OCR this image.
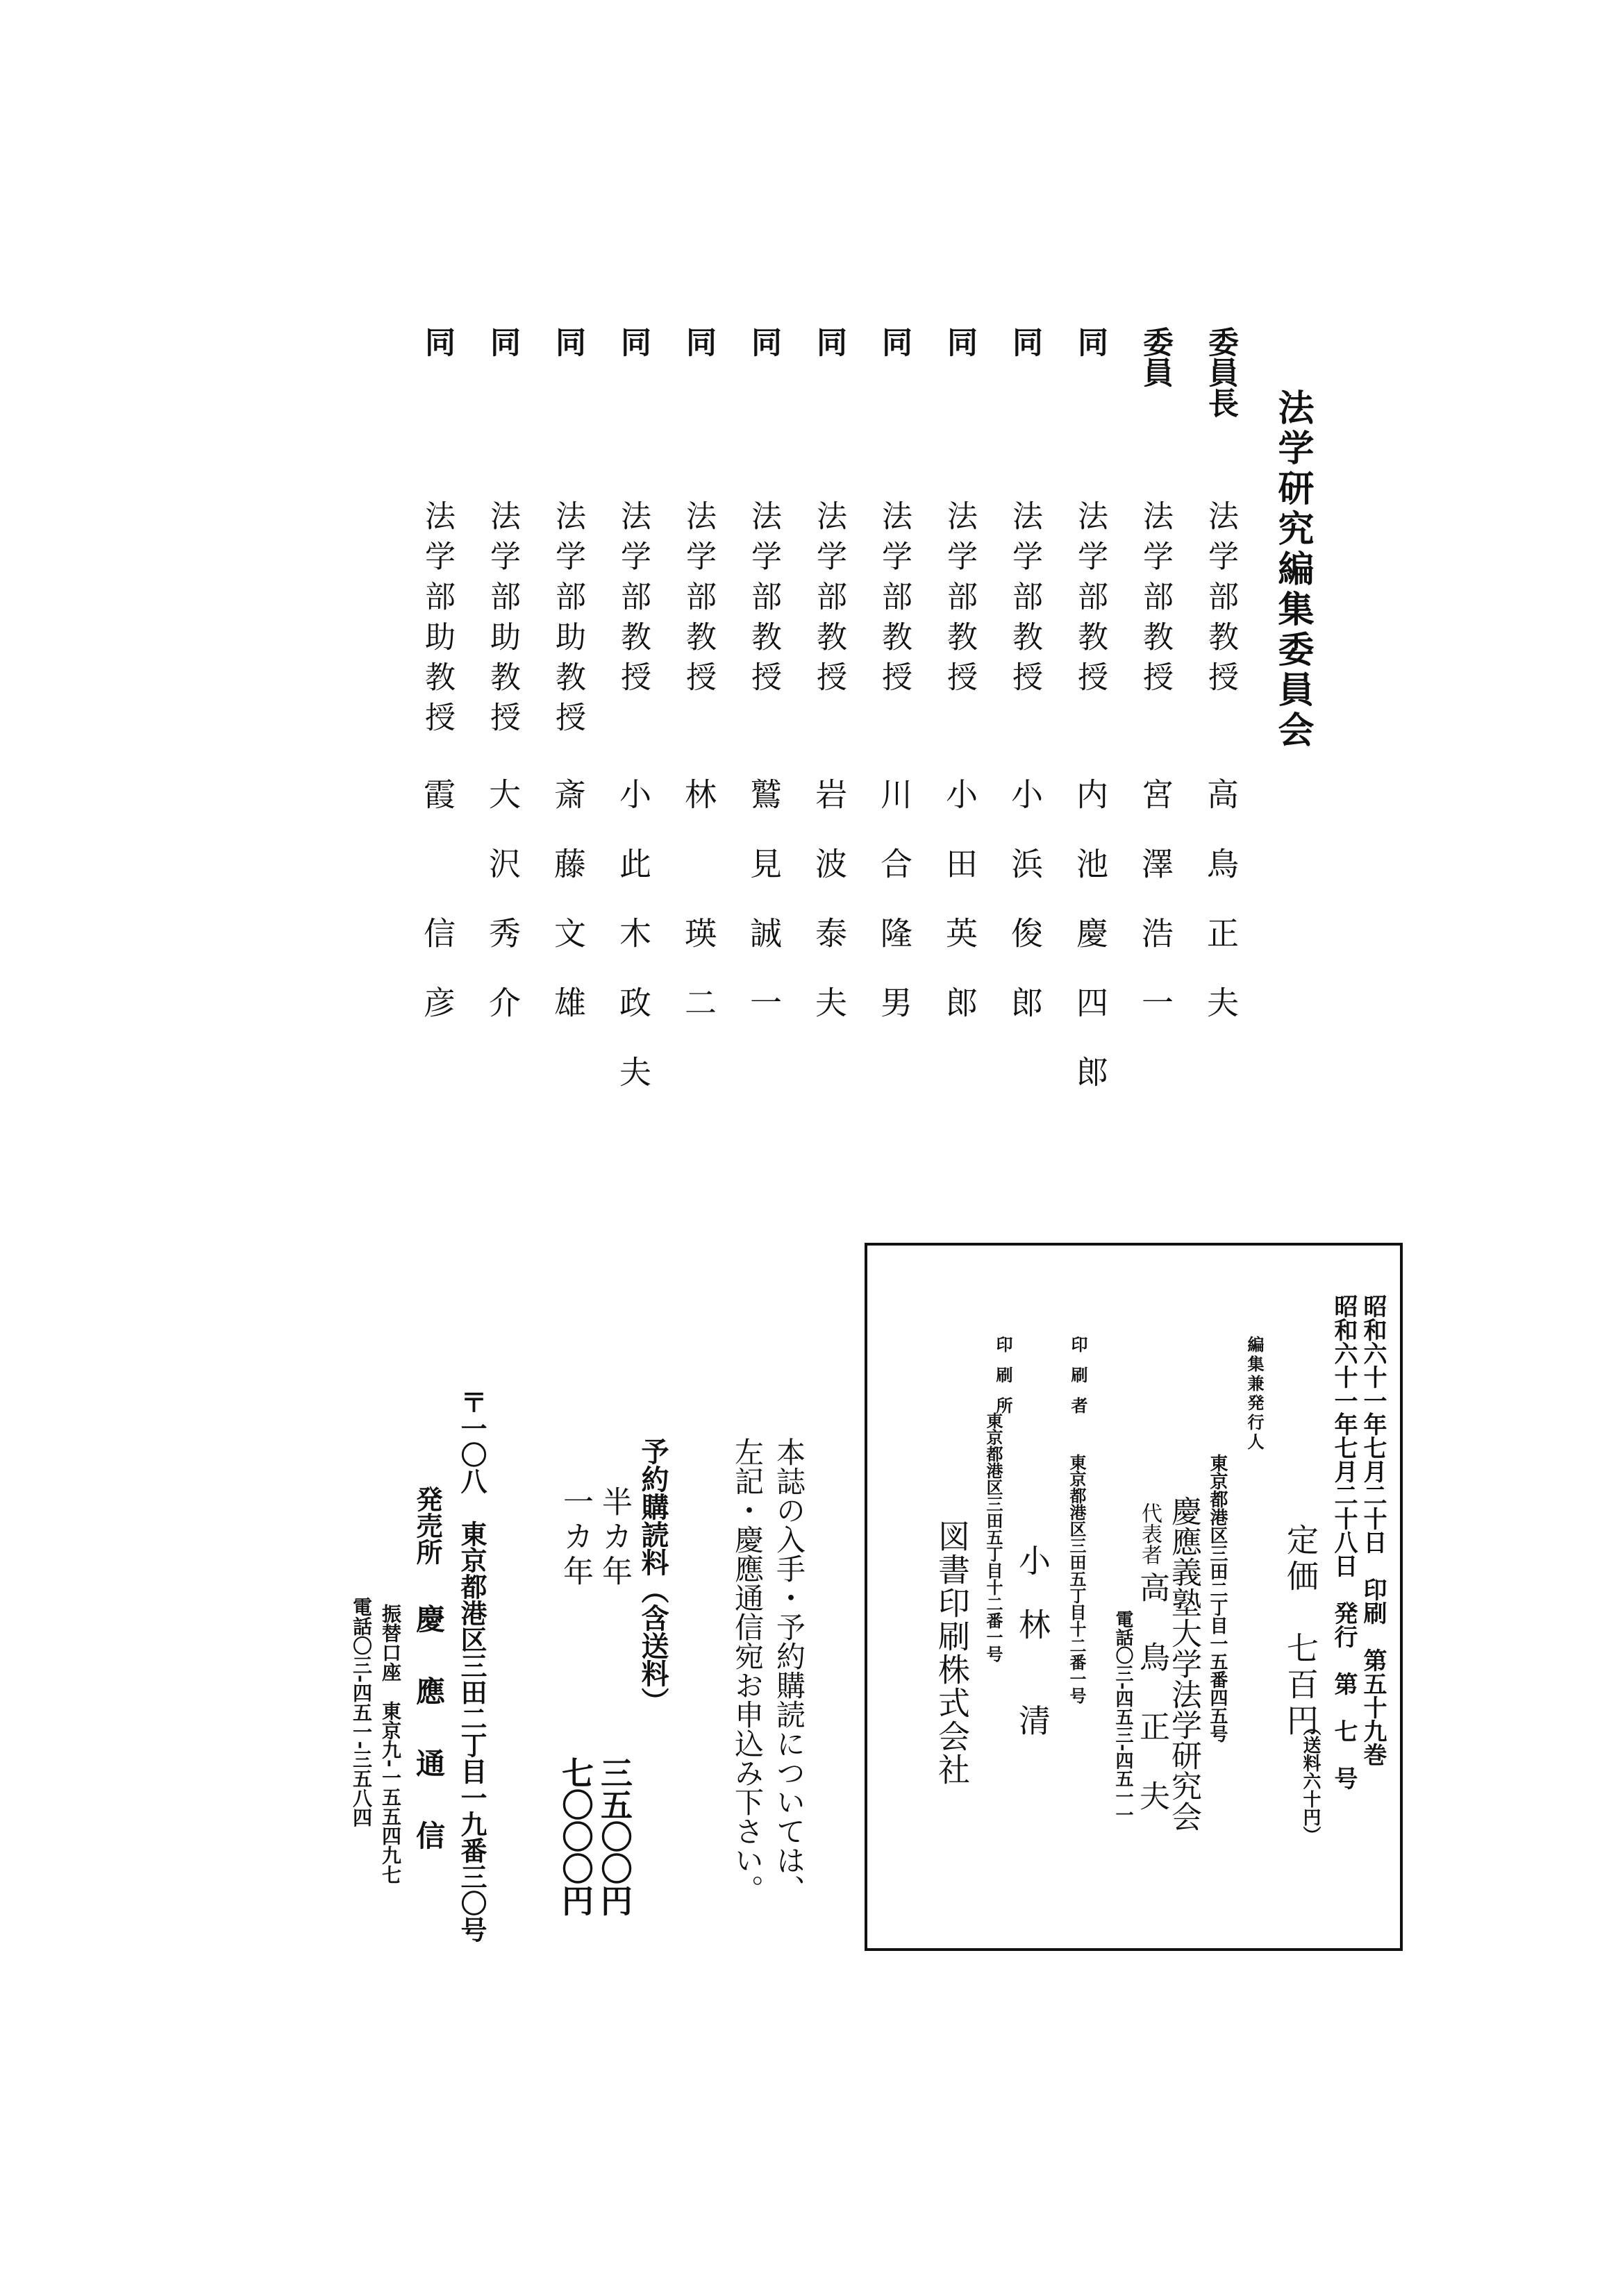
法学研究編集委員会
委員長
法学部教授
高鳥正夫
委員
法学部教授
宮澤浩一
同
法学部教授
内池慶四郎
同
法学部教授
小浜俊郎
同
法学部教授
小田英郎
同
法学部教授
川合隆男
同
法学部教授
岩波泰夫
同
法学部教授
鷲見誠一
同
法学部教授
林　瑛二
同
法学部教授
小此木政夫
同
法学部助教授
斎藤文雄
同
法学部助教授
大沢秀介
同
法学部助教授
霞　信彦
昭和六十一年七月二十日　印刷　第五十九巻
昭和六十一年七月二十八日　発行　第　七　号
定価　七百円
（送料六十円）
編集兼発行人
東京都港区三田二丁目一五番四五号
慶應義塾大学法学研究会
代表者
高　鳥　正　夫
電話〇三‐四五三‐四五一一
印刷者
東京都港区三田五丁目十二番一号
小　林　　清
印刷所
東京都港区三田五丁目十二番一号
図書印刷株式会社
本誌の入手・予約購読については、
左記・慶應通信宛お申込み下さい。
予約購読料（含送料）
半カ年
三五〇〇円
一カ年
七〇〇〇円
〒一〇八　東京都港区三田二丁目一九番三〇号
発売所
慶　應　通　信
振替口座　東京九‐一五五四九七
電話〇三‐四五一‐三五八四
